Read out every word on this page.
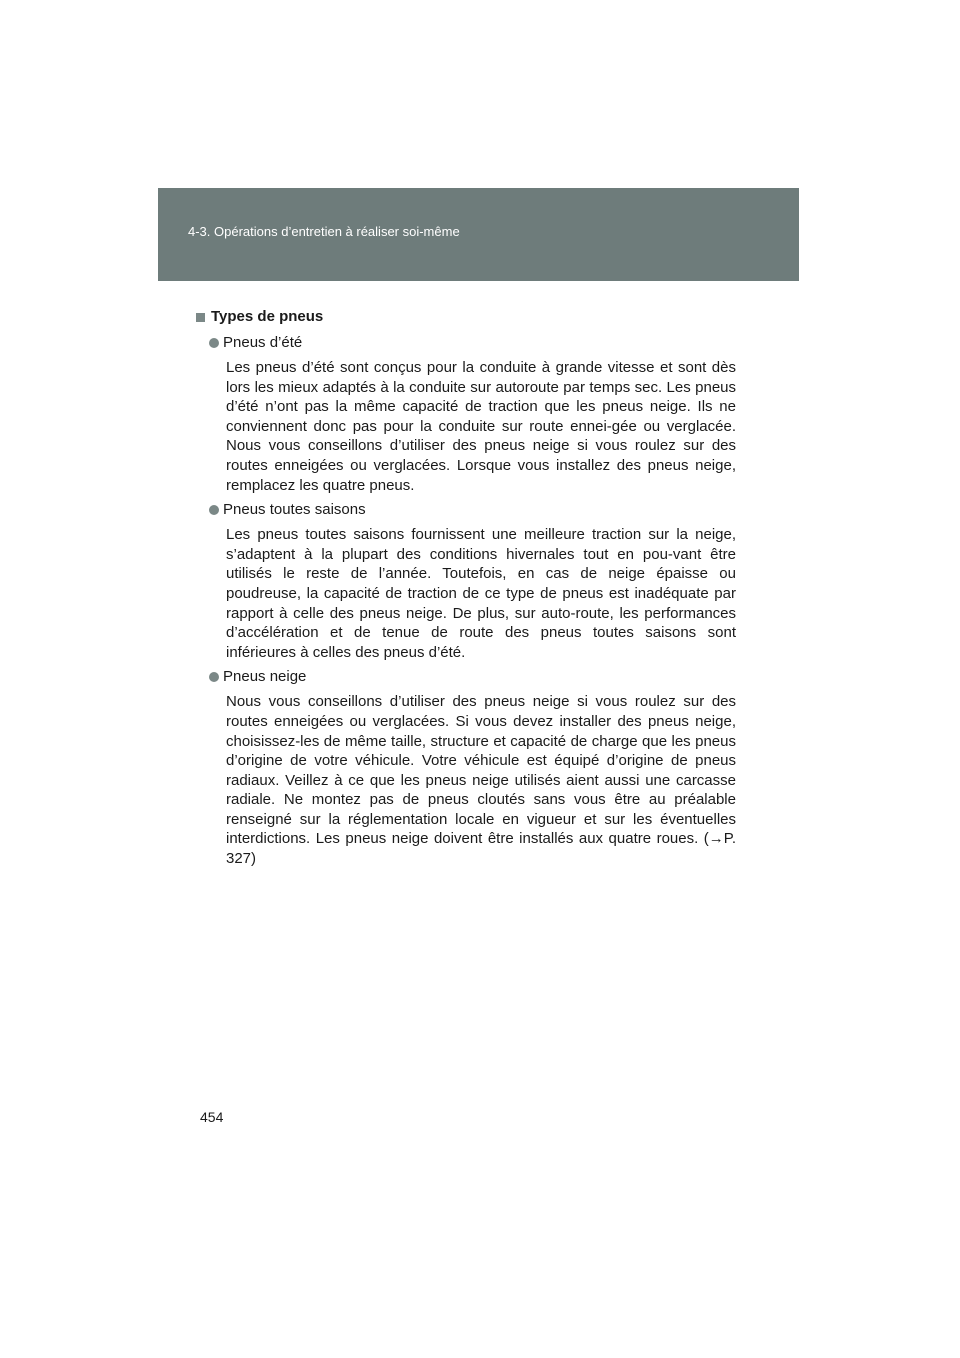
4-3. Opérations d’entretien à réaliser soi-même
Types de pneus
Pneus d’été
Les pneus d’été sont conçus pour la conduite à grande vitesse et sont dès lors les mieux adaptés à la conduite sur autoroute par temps sec. Les pneus d’été n’ont pas la même capacité de traction que les pneus neige. Ils ne conviennent donc pas pour la conduite sur route ennei-gée ou verglacée. Nous vous conseillons d’utiliser des pneus neige si vous roulez sur des routes enneigées ou verglacées. Lorsque vous installez des pneus neige, remplacez les quatre pneus.
Pneus toutes saisons
Les pneus toutes saisons fournissent une meilleure traction sur la neige, s’adaptent à la plupart des conditions hivernales tout en pou-vant être utilisés le reste de l’année. Toutefois, en cas de neige épaisse ou poudreuse, la capacité de traction de ce type de pneus est inadéquate par rapport à celle des pneus neige. De plus, sur auto-route, les performances d’accélération et de tenue de route des pneus toutes saisons sont inférieures à celles des pneus d’été.
Pneus neige
Nous vous conseillons d’utiliser des pneus neige si vous roulez sur des routes enneigées ou verglacées. Si vous devez installer des pneus neige, choisissez-les de même taille, structure et capacité de charge que les pneus d’origine de votre véhicule. Votre véhicule est équipé d’origine de pneus radiaux. Veillez à ce que les pneus neige utilisés aient aussi une carcasse radiale. Ne montez pas de pneus cloutés sans vous être au préalable renseigné sur la réglementation locale en vigueur et sur les éventuelles interdictions. Les pneus neige doivent être installés aux quatre roues. (→P. 327)
454
